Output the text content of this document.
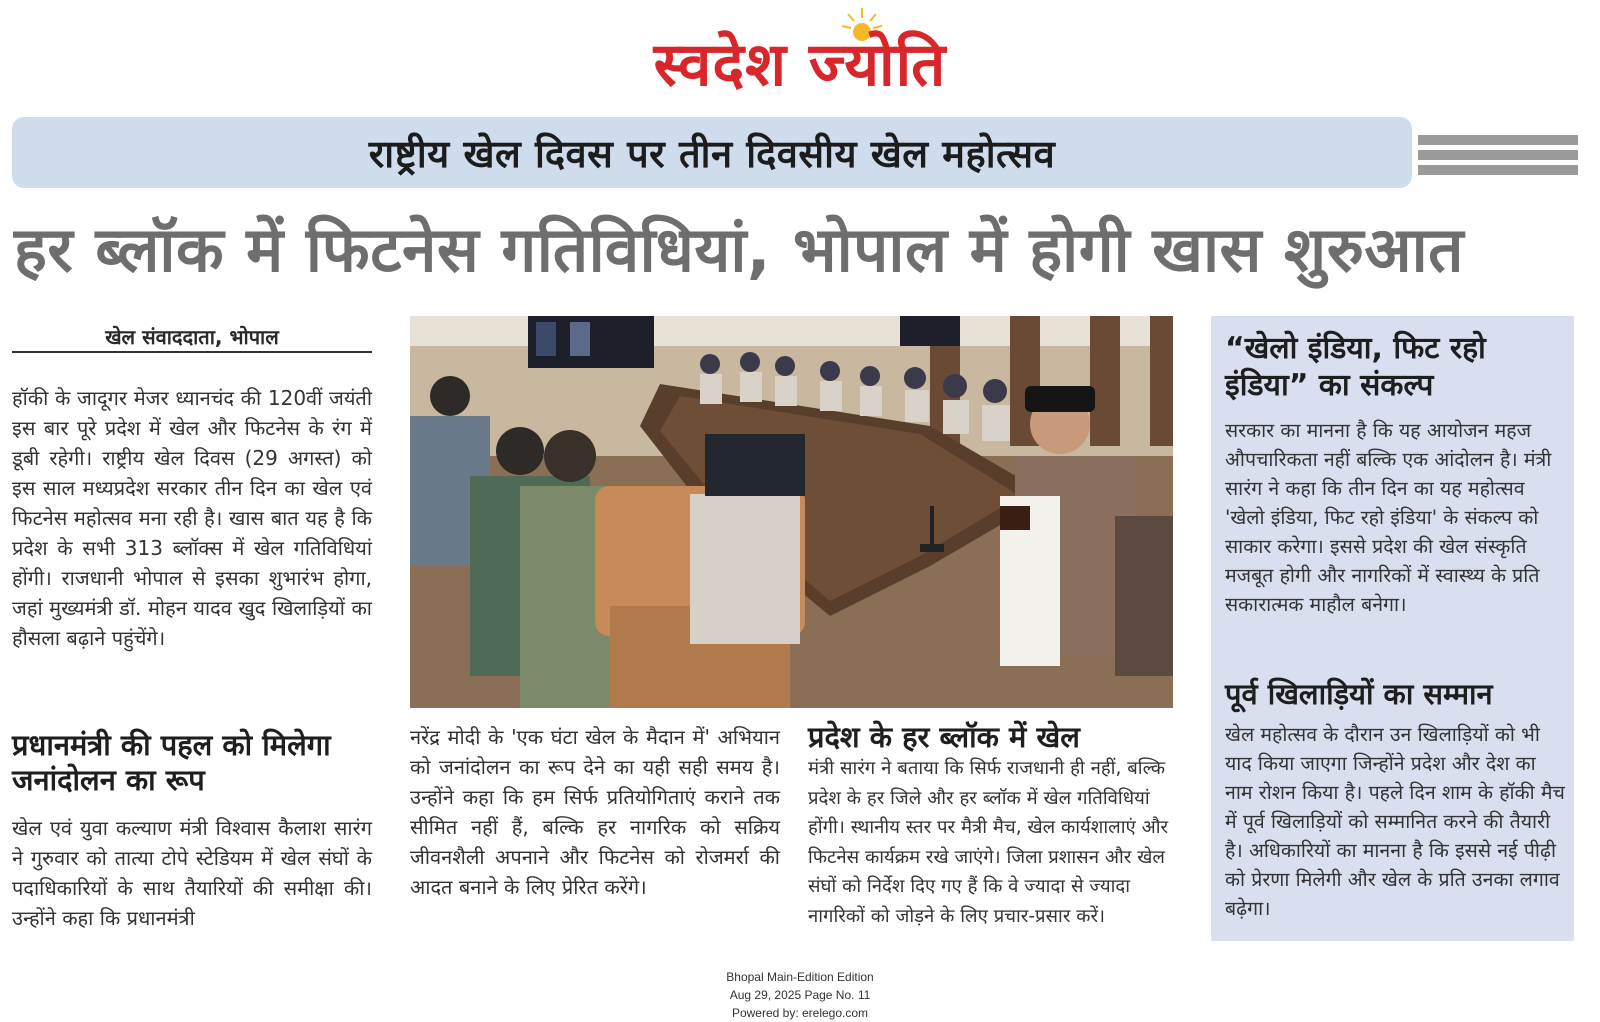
स्वदेश ज्योति
राष्ट्रीय खेल दिवस पर तीन दिवसीय खेल महोत्सव
हर ब्लॉक में फिटनेस गतिविधियां, भोपाल में होगी खास शुरुआत
खेल संवाददाता, भोपाल
हॉकी के जादूगर मेजर ध्यानचंद की 120वीं जयंती इस बार पूरे प्रदेश में खेल और फिटनेस के रंग में डूबी रहेगी। राष्ट्रीय खेल दिवस (29 अगस्त) को इस साल मध्यप्रदेश सरकार तीन दिन का खेल एवं फिटनेस महोत्सव मना रही है। खास बात यह है कि प्रदेश के सभी 313 ब्लॉक्स में खेल गतिविधियां होंगी। राजधानी भोपाल से इसका शुभारंभ होगा, जहां मुख्यमंत्री डॉ. मोहन यादव खुद खिलाड़ियों का हौसला बढ़ाने पहुंचेंगे।
प्रधानमंत्री की पहल को मिलेगा जनांदोलन का रूप
खेल एवं युवा कल्याण मंत्री विश्वास कैलाश सारंग ने गुरुवार को तात्या टोपे स्टेडियम में खेल संघों के पदाधिकारियों के साथ तैयारियों की समीक्षा की। उन्होंने कहा कि प्रधानमंत्री
नरेंद्र मोदी के 'एक घंटा खेल के मैदान में' अभियान को जनांदोलन का रूप देने का यही सही समय है। उन्होंने कहा कि हम सिर्फ प्रतियोगिताएं कराने तक सीमित नहीं हैं, बल्कि हर नागरिक को सक्रिय जीवनशैली अपनाने और फिटनेस को रोजमर्रा की आदत बनाने के लिए प्रेरित करेंगे।
प्रदेश के हर ब्लॉक में खेल
मंत्री सारंग ने बताया कि सिर्फ राजधानी ही नहीं, बल्कि प्रदेश के हर जिले और हर ब्लॉक में खेल गतिविधियां होंगी। स्थानीय स्तर पर मैत्री मैच, खेल कार्यशालाएं और फिटनेस कार्यक्रम रखे जाएंगे। जिला प्रशासन और खेल संघों को निर्देश दिए गए हैं कि वे ज्यादा से ज्यादा नागरिकों को जोड़ने के लिए प्रचार-प्रसार करें।
“खेलो इंडिया, फिट रहो इंडिया” का संकल्प
सरकार का मानना है कि यह आयोजन महज औपचारिकता नहीं बल्कि एक आंदोलन है। मंत्री सारंग ने कहा कि तीन दिन का यह महोत्सव 'खेलो इंडिया, फिट रहो इंडिया' के संकल्प को साकार करेगा। इससे प्रदेश की खेल संस्कृति मजबूत होगी और नागरिकों में स्वास्थ्य के प्रति सकारात्मक माहौल बनेगा।
पूर्व खिलाड़ियों का सम्मान
खेल महोत्सव के दौरान उन खिलाड़ियों को भी याद किया जाएगा जिन्होंने प्रदेश और देश का नाम रोशन किया है। पहले दिन शाम के हॉकी मैच में पूर्व खिलाड़ियों को सम्मानित करने की तैयारी है। अधिकारियों का मानना है कि इससे नई पीढ़ी को प्रेरणा मिलेगी और खेल के प्रति उनका लगाव बढ़ेगा।
Bhopal Main-Edition Edition
Aug 29, 2025 Page No. 11
Powered by: erelego.com
